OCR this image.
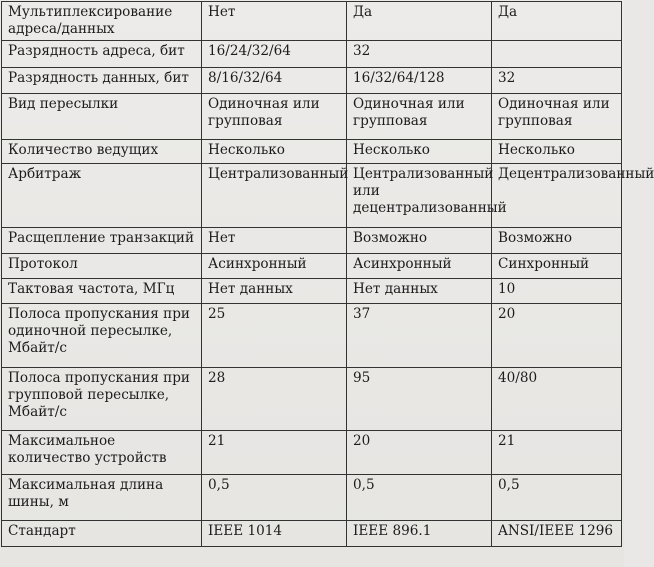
Мультиплексирование адреса/данных	Нет	Да	Да
Разрядность адреса, бит	16/24/32/64	32	
Разрядность данных, бит	8/16/32/64	16/32/64/128	32
Вид пересылки	Одиночная или групповая	Одиночная или групповая	Одиночная или групповая
Количество ведущих	Несколько	Несколько	Несколько
Арбитраж	Централизованный	Централизованный или децентрализованный	Децентрализованный
Расщепление транзакций	Нет	Возможно	Возможно
Протокол	Асинхронный	Асинхронный	Синхронный
Тактовая частота, МГц	Нет данных	Нет данных	10
Полоса пропускания при одиночной пересылке, Мбайт/с	25	37	20
Полоса пропускания при групповой пересылке, Мбайт/с	28	95	40/80
Максимальное количество устройств	21	20	21
Максимальная длина шины, м	0,5	0,5	0,5
Стандарт	IEEE 1014	IEEE 896.1	ANSI/IEEE 1296
